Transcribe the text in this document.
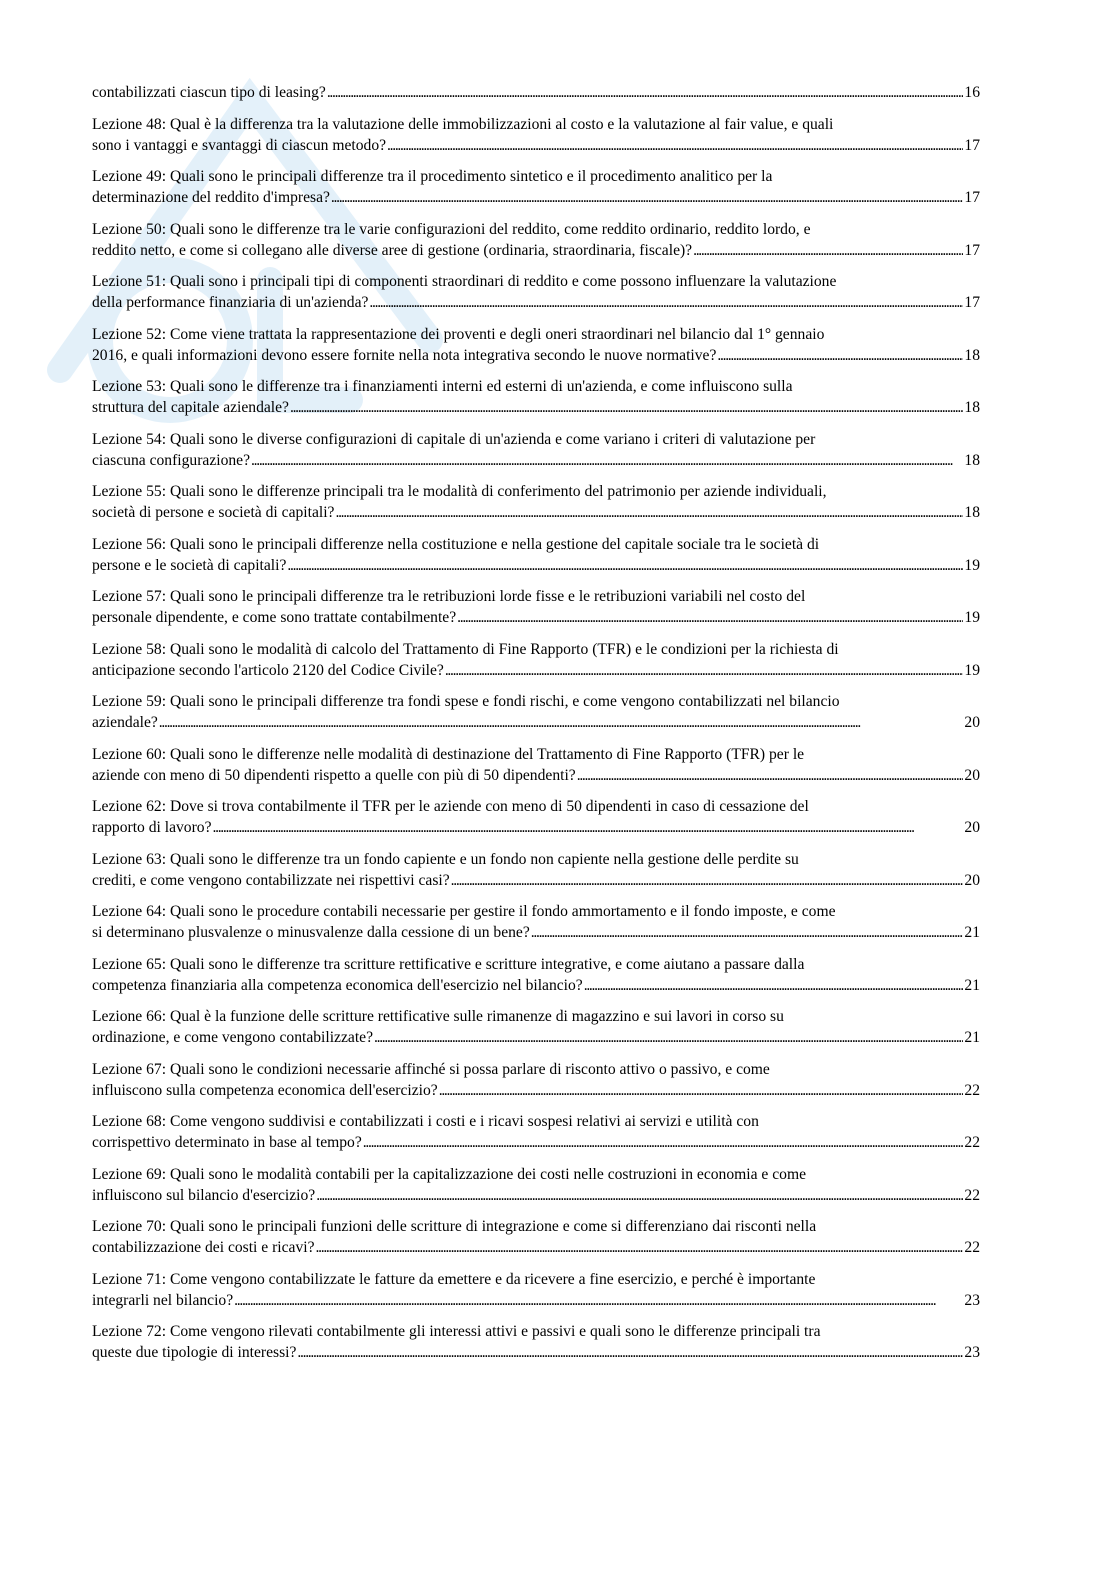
contabilizzati ciascun tipo di leasing? . . .	16
Lezione 48: Qual è la differenza tra la valutazione delle immobilizzazioni al costo e la valutazione al fair value, e quali
sono i vantaggi e svantaggi di ciascun metodo? . . .	17
Lezione 49: Quali sono le principali differenze tra il procedimento sintetico e il procedimento analitico per la
determinazione del reddito d'impresa? . . .	17
Lezione 50: Quali sono le differenze tra le varie configurazioni del reddito, come reddito ordinario, reddito lordo, e
reddito netto, e come si collegano alle diverse aree di gestione (ordinaria, straordinaria, fiscale)? . . .	17
Lezione 51: Quali sono i principali tipi di componenti straordinari di reddito e come possono influenzare la valutazione
della performance finanziaria di un'azienda? . . .	17
Lezione 52: Come viene trattata la rappresentazione dei proventi e degli oneri straordinari nel bilancio dal 1° gennaio
2016, e quali informazioni devono essere fornite nella nota integrativa secondo le nuove normative? . . .	18
Lezione 53: Quali sono le differenze tra i finanziamenti interni ed esterni di un'azienda, e come influiscono sulla
struttura del capitale aziendale? . . .	18
Lezione 54: Quali sono le diverse configurazioni di capitale di un'azienda e come variano i criteri di valutazione per
ciascuna configurazione? . . .	18
Lezione 55: Quali sono le differenze principali tra le modalità di conferimento del patrimonio per aziende individuali,
società di persone e società di capitali? . . .	18
Lezione 56: Quali sono le principali differenze nella costituzione e nella gestione del capitale sociale tra le società di
persone e le società di capitali? . . .	19
Lezione 57: Quali sono le principali differenze tra le retribuzioni lorde fisse e le retribuzioni variabili nel costo del
personale dipendente, e come sono trattate contabilmente? . . .	19
Lezione 58: Quali sono le modalità di calcolo del Trattamento di Fine Rapporto (TFR) e le condizioni per la richiesta di
anticipazione secondo l'articolo 2120 del Codice Civile? . . .	19
Lezione 59: Quali sono le principali differenze tra fondi spese e fondi rischi, e come vengono contabilizzati nel bilancio
aziendale? . . .	20
Lezione 60: Quali sono le differenze nelle modalità di destinazione del Trattamento di Fine Rapporto (TFR) per le
aziende con meno di 50 dipendenti rispetto a quelle con più di 50 dipendenti? . . .	20
Lezione 62: Dove si trova contabilmente il TFR per le aziende con meno di 50 dipendenti in caso di cessazione del
rapporto di lavoro? . . .	20
Lezione 63: Quali sono le differenze tra un fondo capiente e un fondo non capiente nella gestione delle perdite su
crediti, e come vengono contabilizzate nei rispettivi casi? . . .	20
Lezione 64: Quali sono le procedure contabili necessarie per gestire il fondo ammortamento e il fondo imposte, e come
si determinano plusvalenze o minusvalenze dalla cessione di un bene? . . .	21
Lezione 65: Quali sono le differenze tra scritture rettificative e scritture integrative, e come aiutano a passare dalla
competenza finanziaria alla competenza economica dell'esercizio nel bilancio? . . .	21
Lezione 66: Qual è la funzione delle scritture rettificative sulle rimanenze di magazzino e sui lavori in corso su
ordinazione, e come vengono contabilizzate? . . .	21
Lezione 67: Quali sono le condizioni necessarie affinché si possa parlare di risconto attivo o passivo, e come
influiscono sulla competenza economica dell'esercizio? . . .	22
Lezione 68: Come vengono suddivisi e contabilizzati i costi e i ricavi sospesi relativi ai servizi e utilità con
corrispettivo determinato in base al tempo? . . .	22
Lezione 69: Quali sono le modalità contabili per la capitalizzazione dei costi nelle costruzioni in economia e come
influiscono sul bilancio d'esercizio? . . .	22
Lezione 70: Quali sono le principali funzioni delle scritture di integrazione e come si differenziano dai risconti nella
contabilizzazione dei costi e ricavi? . . .	22
Lezione 71: Come vengono contabilizzate le fatture da emettere e da ricevere a fine esercizio, e perché è importante
integrarli nel bilancio? . . .	23
Lezione 72: Come vengono rilevati contabilmente gli interessi attivi e passivi e quali sono le differenze principali tra
queste due tipologie di interessi? . . .	23
